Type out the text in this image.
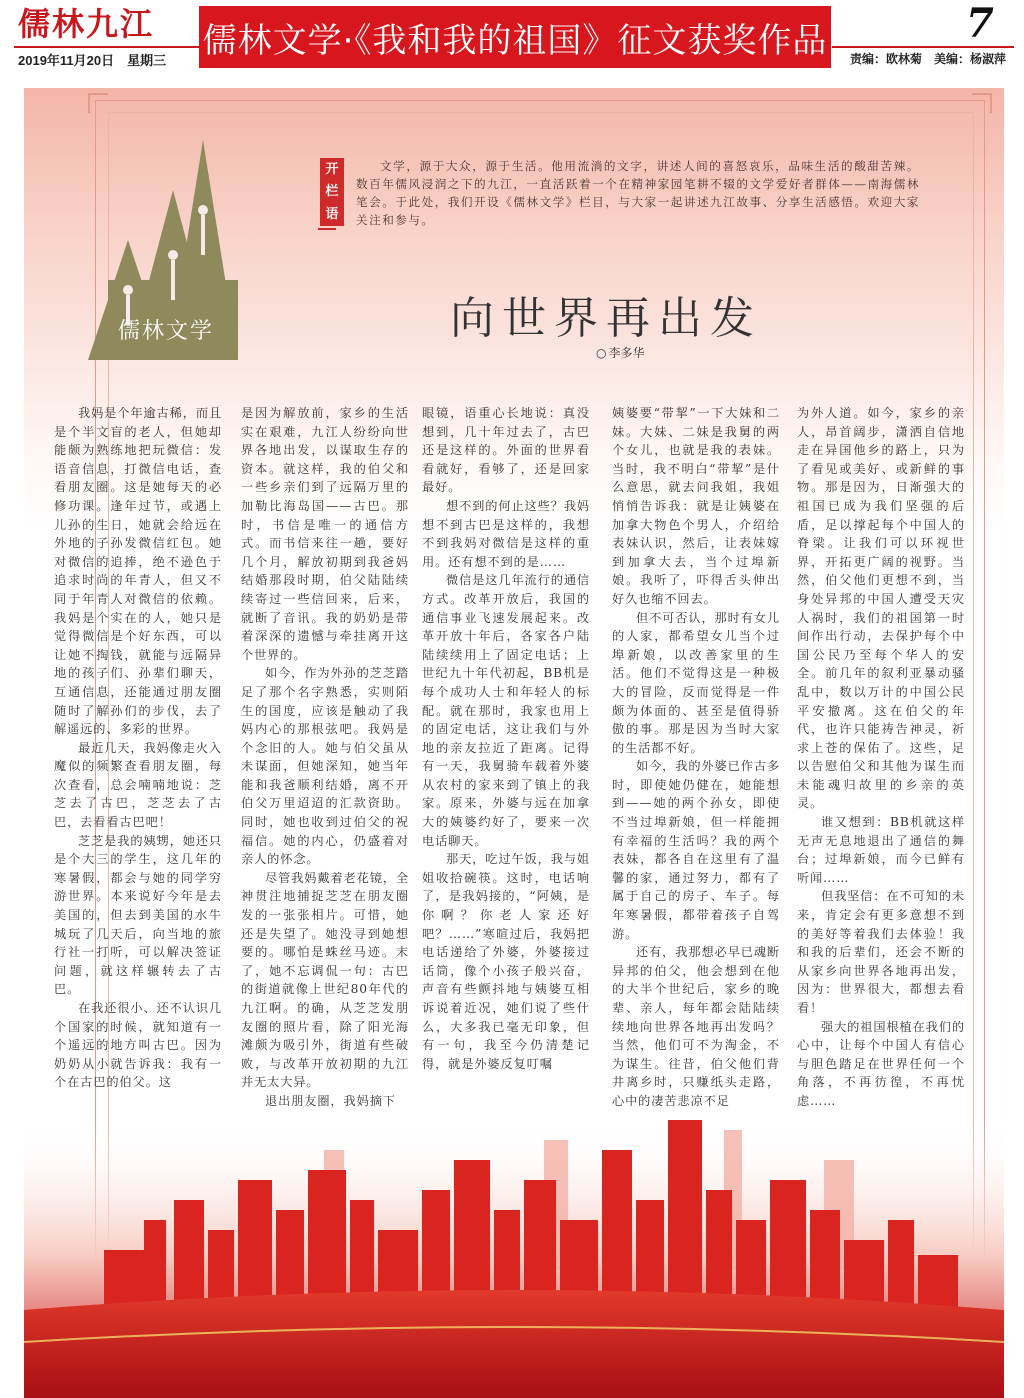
儒林九江
2019年11月20日　星期三 儒林文学·《我和我的祖国》征文获奖作品	7
责编：欧林菊　美编：杨淑萍
儒林文学
开
栏
语
文学，源于大众，源于生活。他用流淌的文字，讲述人间的喜怒哀乐，品味生活的酸甜苦辣。数百年儒风浸润之下的九江，一直活跃着一个在精神家园笔耕不辍的文学爱好者群体——南海儒林笔会。于此处，我们开设《儒林文学》栏目，与大家一起讲述九江故事、分享生活感悟。欢迎大家关注和参与。
向世界再出发
○ 李多华

我妈是个年逾古稀，而且是个半文盲的老人，但她却能颇为熟练地把玩微信：发语音信息，打微信电话，查看朋友圈。这是她每天的必修功课。逢年过节，或遇上儿孙的生日，她就会给远在外地的子孙发微信红包。她对微信的追捧，绝不逊色于追求时尚的年青人，但又不同于年青人对微信的依赖。我妈是个实在的人，她只是觉得微信是个好东西，可以让她不掏钱，就能与远隔异地的孩子们、孙辈们聊天，互通信息，还能通过朋友圈随时了解孙们的步伐，去了解遥远的、多彩的世界。

最近几天，我妈像走火入魔似的频繁查看朋友圈，每次查看，总会喃喃地说：芝芝去了古巴，芝芝去了古巴，去看看古巴吧！

芝芝是我的姨甥，她还只是个大三的学生，这几年的寒暑假，都会与她的同学穷游世界。本来说好今年是去美国的，但去到美国的水牛城玩了几天后，向当地的旅行社一打听，可以解决签证问题，就这样辗转去了古巴。

在我还很小、还不认识几个国家的时候，就知道有一个遥远的地方叫古巴。因为奶奶从小就告诉我：我有一个在古巴的伯父。这

是因为解放前，家乡的生活实在艰难，九江人纷纷向世界各地出发，以谋取生存的资本。就这样，我的伯父和一些乡亲们到了远隔万里的加勒比海岛国——古巴。那时，书信是唯一的通信方式。而书信来往一趟，要好几个月，解放初期到我爸妈结婚那段时期，伯父陆陆续续寄过一些信回来，后来，就断了音讯。我的奶奶是带着深深的遗憾与牵挂离开这个世界的。

如今，作为外孙的芝芝踏足了那个名字熟悉，实则陌生的国度，应该是触动了我妈内心的那根弦吧。我妈是个念旧的人。她与伯父虽从未谋面，但她深知，她当年能和我爸顺利结婚，离不开伯父万里迢迢的汇款资助。同时，她也收到过伯父的祝福信。她的内心，仍盛着对亲人的怀念。

尽管我妈戴着老花镜，全神贯注地捕捉芝芝在朋友圈发的一张张相片。可惜，她还是失望了。她没寻到她想要的。哪怕是蛛丝马迹。末了，她不忘调侃一句：古巴的街道就像上世纪80年代的九江啊。的确，从芝芝发朋友圈的照片看，除了阳光海滩颇为吸引外，街道有些破败，与改革开放初期的九江并无太大异。

退出朋友圈，我妈摘下

眼镜，语重心长地说：真没想到，几十年过去了，古巴还是这样的。外面的世界看看就好，看够了，还是回家最好。

想不到的何止这些？我妈想不到古巴是这样的，我想不到我妈对微信是这样的重用。还有想不到的是……

微信是这几年流行的通信方式。改革开放后，我国的通信事业飞速发展起来。改革开放十年后，各家各户陆陆续续用上了固定电话；上世纪九十年代初起，BB机是每个成功人士和年轻人的标配。就在那时，我家也用上的固定电话，这让我们与外地的亲友拉近了距离。记得有一天，我舅骑车载着外婆从农村的家来到了镇上的我家。原来，外婆与远在加拿大的姨婆约好了，要来一次电话聊天。

那天，吃过午饭，我与姐姐收拾碗筷。这时，电话响了，是我妈接的，“阿姨，是你啊？你老人家还好吧？……”寒暄过后，我妈把电话递给了外婆，外婆接过话筒，像个小孩子般兴奋，声音有些颤抖地与姨婆互相诉说着近况，她们说了些什么，大多我已毫无印象，但有一句，我至今仍清楚记得，就是外婆反复叮嘱

姨婆要“带挈”一下大妹和二妹。大妹、二妹是我舅的两个女儿，也就是我的表妹。当时，我不明白“带挈”是什么意思，就去问我姐，我姐悄悄告诉我：就是让姨婆在加拿大物色个男人，介绍给表妹认识，然后，让表妹嫁到加拿大去，当个过埠新娘。我听了，吓得舌头伸出好久也缩不回去。

但不可否认，那时有女儿的人家，都希望女儿当个过埠新娘，以改善家里的生活。他们不觉得这是一种极大的冒险，反而觉得是一件颇为体面的、甚至是值得骄傲的事。那是因为当时大家的生活都不好。

如今，我的外婆已作古多时，即使她仍健在，她能想到——她的两个孙女，即使不当过埠新娘，但一样能拥有幸福的生活吗？我的两个表妹，都各自在这里有了温馨的家，通过努力，都有了属于自己的房子、车子。每年寒暑假，都带着孩子自驾游。

还有，我那想必早已魂断异邦的伯父，他会想到在他的大半个世纪后，家乡的晚辈、亲人，每年都会陆陆续续地向世界各地再出发吗？当然，他们可不为淘金，不为谋生。往昔，伯父他们背井离乡时，只赚纸头走路，心中的凄苦悲凉不足

为外人道。如今，家乡的亲人，昂首阔步，潇洒自信地走在异国他乡的路上，只为了看见或美好、或新鲜的事物。那是因为，日渐强大的祖国已成为我们坚强的后盾，足以撑起每个中国人的脊梁。让我们可以环视世界，开拓更广阔的视野。当然，伯父他们更想不到，当身处异邦的中国人遭受天灾人祸时，我们的祖国第一时间作出行动，去保护每个中国公民乃至每个华人的安全。前几年的叙利亚暴动骚乱中，数以万计的中国公民平安撤离。这在伯父的年代，也许只能祷告神灵，祈求上苍的保佑了。这些，足以告慰伯父和其他为谋生而未能魂归故里的乡亲的英灵。

谁又想到：BB机就这样无声无息地退出了通信的舞台；过埠新娘，而今已鲜有听闻……

但我坚信：在不可知的未来，肯定会有更多意想不到的美好等着我们去体验！我和我的后辈们，还会不断的从家乡向世界各地再出发，因为：世界很大，都想去看看！

强大的祖国根植在我们的心中，让每个中国人有信心与胆色踏足在世界任何一个角落，不再彷徨，不再忧虑……
